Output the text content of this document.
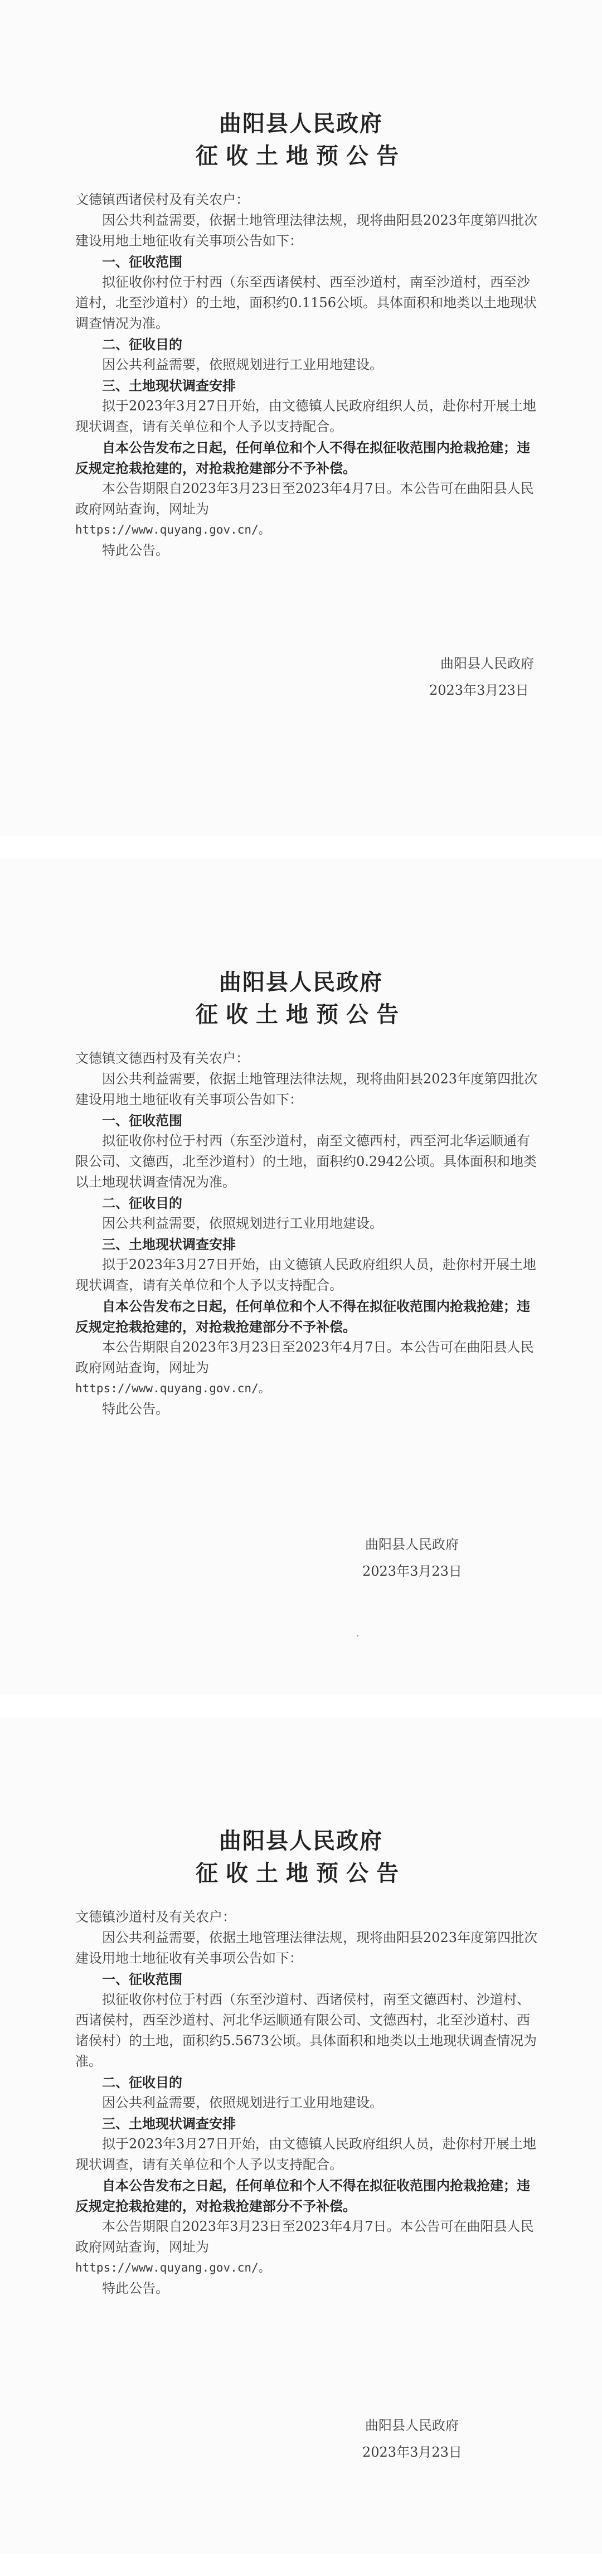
曲阳县人民政府
征收土地预公告

文德镇西诸侯村及有关农户：

因公共利益需要，依据土地管理法律法规，现将曲阳县2023年度第四批次建设用地土地征收有关事项公告如下：

一、征收范围

拟征收你村位于村西（东至西诸侯村、西至沙道村，南至沙道村，西至沙道村，北至沙道村）的土地，面积约0.1156公顷。具体面积和地类以土地现状调查情况为准。

二、征收目的

因公共利益需要，依照规划进行工业用地建设。

三、土地现状调查安排

拟于2023年3月27日开始，由文德镇人民政府组织人员，赴你村开展土地现状调查，请有关单位和个人予以支持配合。

自本公告发布之日起，任何单位和个人不得在拟征收范围内抢栽抢建；违反规定抢栽抢建的，对抢栽抢建部分不予补偿。

本公告期限自2023年3月23日至2023年4月7日。本公告可在曲阳县人民政府网站查询，网址为

https://www.quyang.gov.cn/。

特此公告。

曲阳县人民政府
2023年3月23日
曲阳县人民政府
征收土地预公告

文德镇文德西村及有关农户：

因公共利益需要，依据土地管理法律法规，现将曲阳县2023年度第四批次建设用地土地征收有关事项公告如下：

一、征收范围

拟征收你村位于村西（东至沙道村，南至文德西村，西至河北华运顺通有限公司、文德西，北至沙道村）的土地，面积约0.2942公顷。具体面积和地类以土地现状调查情况为准。

二、征收目的

因公共利益需要，依照规划进行工业用地建设。

三、土地现状调查安排

拟于2023年3月27日开始，由文德镇人民政府组织人员，赴你村开展土地现状调查，请有关单位和个人予以支持配合。

自本公告发布之日起，任何单位和个人不得在拟征收范围内抢栽抢建；违反规定抢栽抢建的，对抢栽抢建部分不予补偿。

本公告期限自2023年3月23日至2023年4月7日。本公告可在曲阳县人民政府网站查询，网址为

https://www.quyang.gov.cn/。

特此公告。

曲阳县人民政府
2023年3月23日
曲阳县人民政府
征收土地预公告

文德镇沙道村及有关农户：

因公共利益需要，依据土地管理法律法规，现将曲阳县2023年度第四批次建设用地土地征收有关事项公告如下：

一、征收范围

拟征收你村位于村西（东至沙道村、西诸侯村，南至文德西村、沙道村、西诸侯村，西至沙道村、河北华运顺通有限公司、文德西村，北至沙道村、西诸侯村）的土地，面积约5.5673公顷。具体面积和地类以土地现状调查情况为准。

二、征收目的

因公共利益需要，依照规划进行工业用地建设。

三、土地现状调查安排

拟于2023年3月27日开始，由文德镇人民政府组织人员，赴你村开展土地现状调查，请有关单位和个人予以支持配合。

自本公告发布之日起，任何单位和个人不得在拟征收范围内抢栽抢建；违反规定抢栽抢建的，对抢栽抢建部分不予补偿。

本公告期限自2023年3月23日至2023年4月7日。本公告可在曲阳县人民政府网站查询，网址为

https://www.quyang.gov.cn/。

特此公告。

曲阳县人民政府
2023年3月23日
